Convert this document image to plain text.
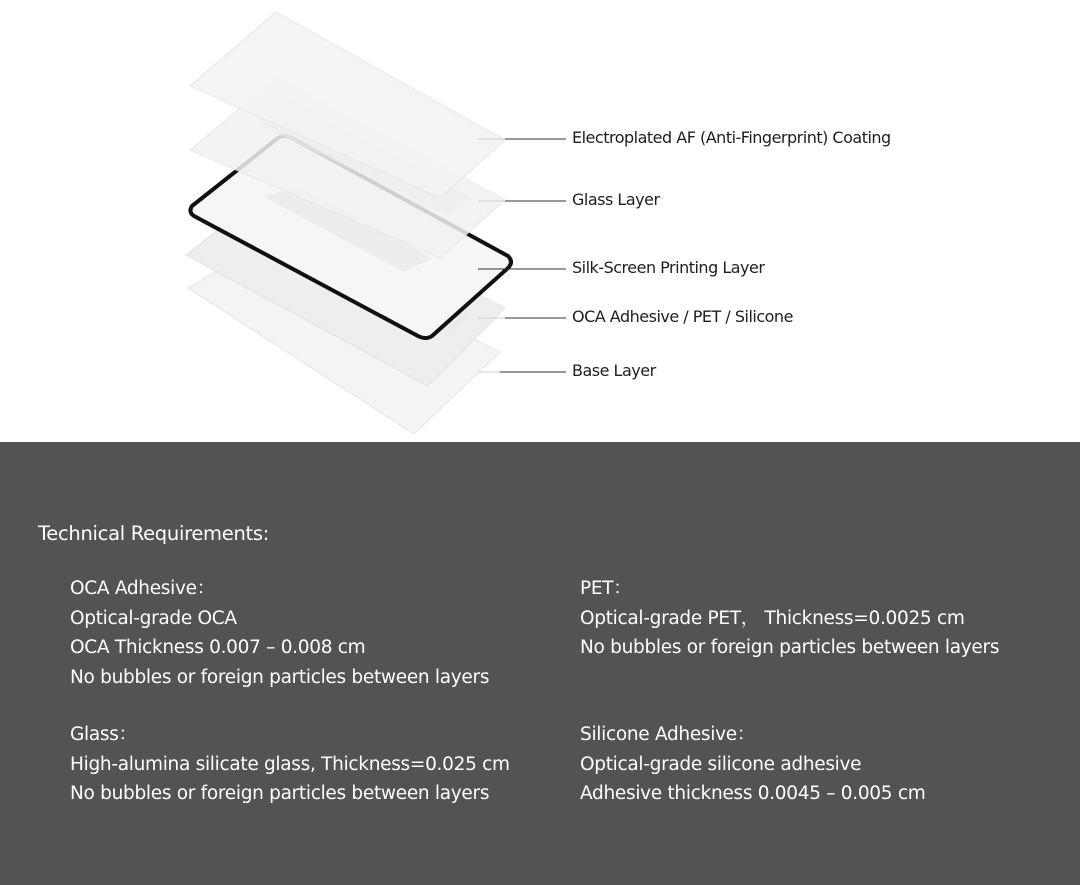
Electroplated AF (Anti-Fingerprint) Coating
Glass Layer
Silk-Screen Printing Layer
OCA Adhesive / PET / Silicone
Base Layer
Technical Requirements:
OCA Adhesive：
Optical-grade OCA
OCA Thickness 0.007 – 0.008 cm
No bubbles or foreign particles between layers
Glass：
High-alumina silicate glass, Thickness=0.025 cm
No bubbles or foreign particles between layers
PET：
Optical-grade PET， Thickness=0.0025 cm
No bubbles or foreign particles between layers
Silicone Adhesive：
Optical-grade silicone adhesive
Adhesive thickness 0.0045 – 0.005 cm
